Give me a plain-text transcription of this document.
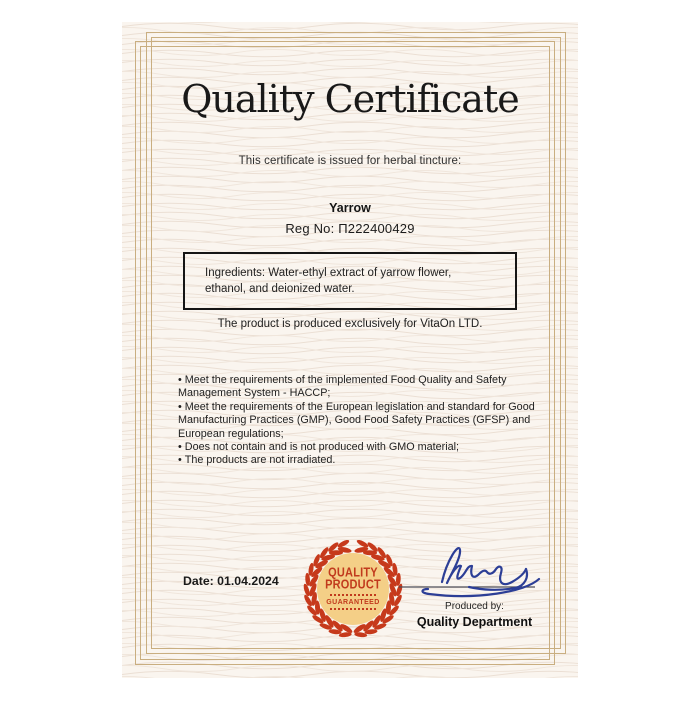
Quality Certificate

This certificate is issued for herbal tincture:

Yarrow

Reg No: П222400429

Ingredients: Water-ethyl extract of yarrow flower, ethanol, and deionized water.

The product is produced exclusively for VitaOn LTD.

• Meet the requirements of the implemented Food Quality and Safety Management System - HACCP;
• Meet the requirements of the European legislation and standard for Good Manufacturing Practices (GMP), Good Food Safety Practices (GFSP) and European regulations;
• Does not contain and is not produced with GMO material;
• The products are not irradiated.

Date: 01.04.2024

QUALITY
PRODUCT
GUARANTEED	Produced by:

Quality Department
